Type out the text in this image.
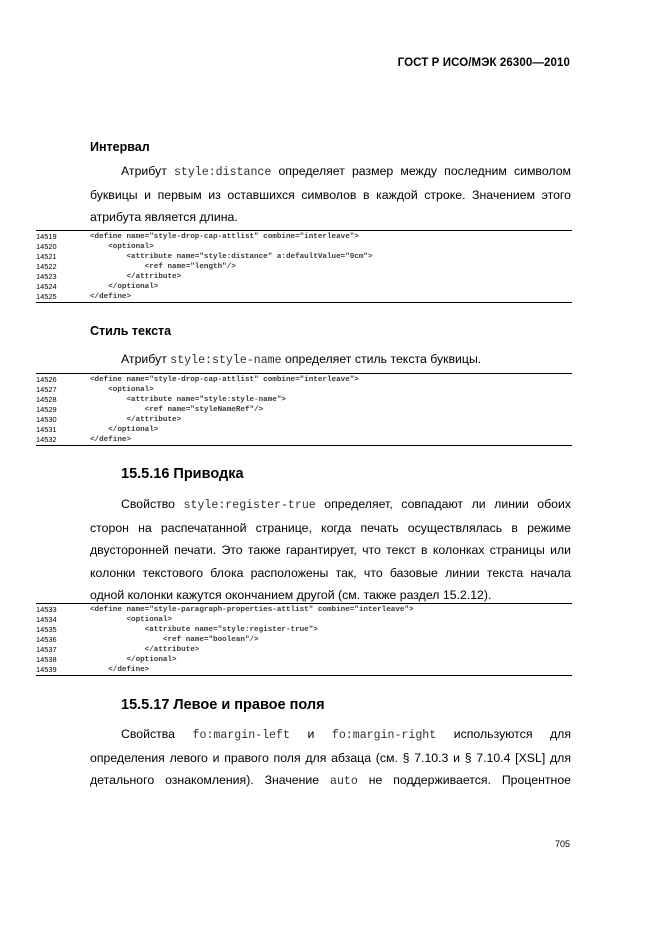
ГОСТ Р ИСО/МЭК 26300—2010
Интервал
Атрибут style:distance определяет размер между последним символом
буквицы и первым из оставшихся символов в каждой строке. Значением этого
атрибута является длина.
14519	<define name="style-drop-cap-attlist" combine="interleave">
14520	<optional>
14521	<attribute name="style:distance" a:defaultValue="0cm">
14522	<ref name="length"/>
14523	</attribute>
14524	</optional>
14525	</define>
Стиль текста
Атрибут style:style-name определяет стиль текста буквицы.
14526	<define name="style-drop-cap-attlist" combine="interleave">
14527	<optional>
14528	<attribute name="style:style-name">
14529	<ref name="styleNameRef"/>
14530	</attribute>
14531	</optional>
14532	</define>
15.5.16 Приводка
Свойство style:register-true определяет, совпадают ли линии обоих
сторон на распечатанной странице, когда печать осуществлялась в режиме
двусторонней печати. Это также гарантирует, что текст в колонках страницы или
колонки текстового блока расположены так, что базовые линии текста начала
одной колонки кажутся окончанием другой (см. также раздел 15.2.12).
14533	<define name="style-paragraph-properties-attlist" combine="interleave">
14534	<optional>
14535	<attribute name="style:register-true">
14536	<ref name="boolean"/>
14537	</attribute>
14538	</optional>
14539	</define>
15.5.17 Левое и правое поля
Свойства fo:margin-left и fo:margin-right используются для
определения левого и правого поля для абзаца (см. § 7.10.3 и § 7.10.4 [XSL] для
детального ознакомления). Значение auto не поддерживается. Процентное
705
